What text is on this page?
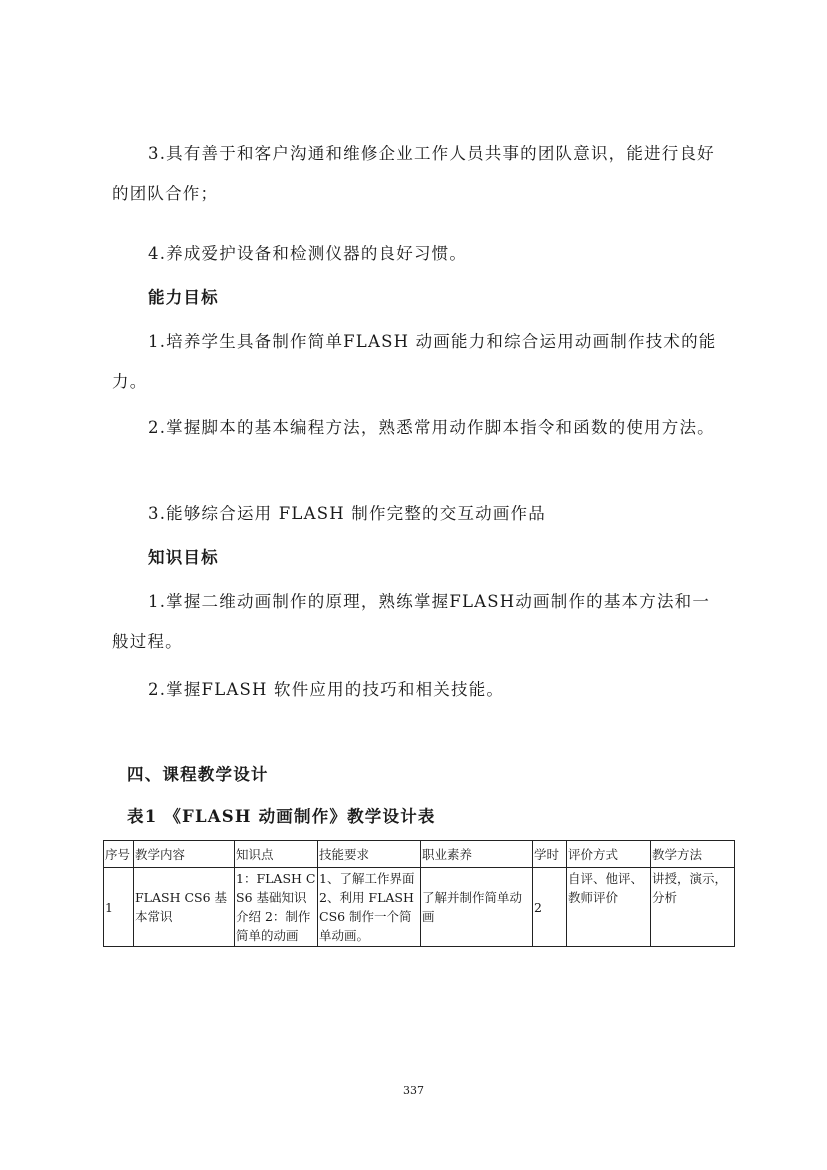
3.具有善于和客户沟通和维修企业工作人员共事的团队意识，能进行良好的团队合作；

4.养成爱护设备和检测仪器的良好习惯。

能力目标

1.培养学生具备制作简单FLASH 动画能力和综合运用动画制作技术的能力。

2.掌握脚本的基本编程方法，熟悉常用动作脚本指令和函数的使用方法。

3.能够综合运用 FLASH 制作完整的交互动画作品

知识目标

1.掌握二维动画制作的原理，熟练掌握FLASH动画制作的基本方法和一般过程。

2.掌握FLASH 软件应用的技巧和相关技能。

四、课程教学设计

表1 《FLASH 动画制作》教学设计表

序号	教学内容	知识点	技能要求	职业素养	学时	评价方式	教学方法
1	FLASH CS6 基本常识	1：FLASH CS6 基础知识介绍 2：制作简单的动画	1、了解工作界面 2、利用 FLASH CS6 制作一个简单动画。	了解并制作简单动画	2	自评、他评、教师评价	讲授，演示，分析
337
